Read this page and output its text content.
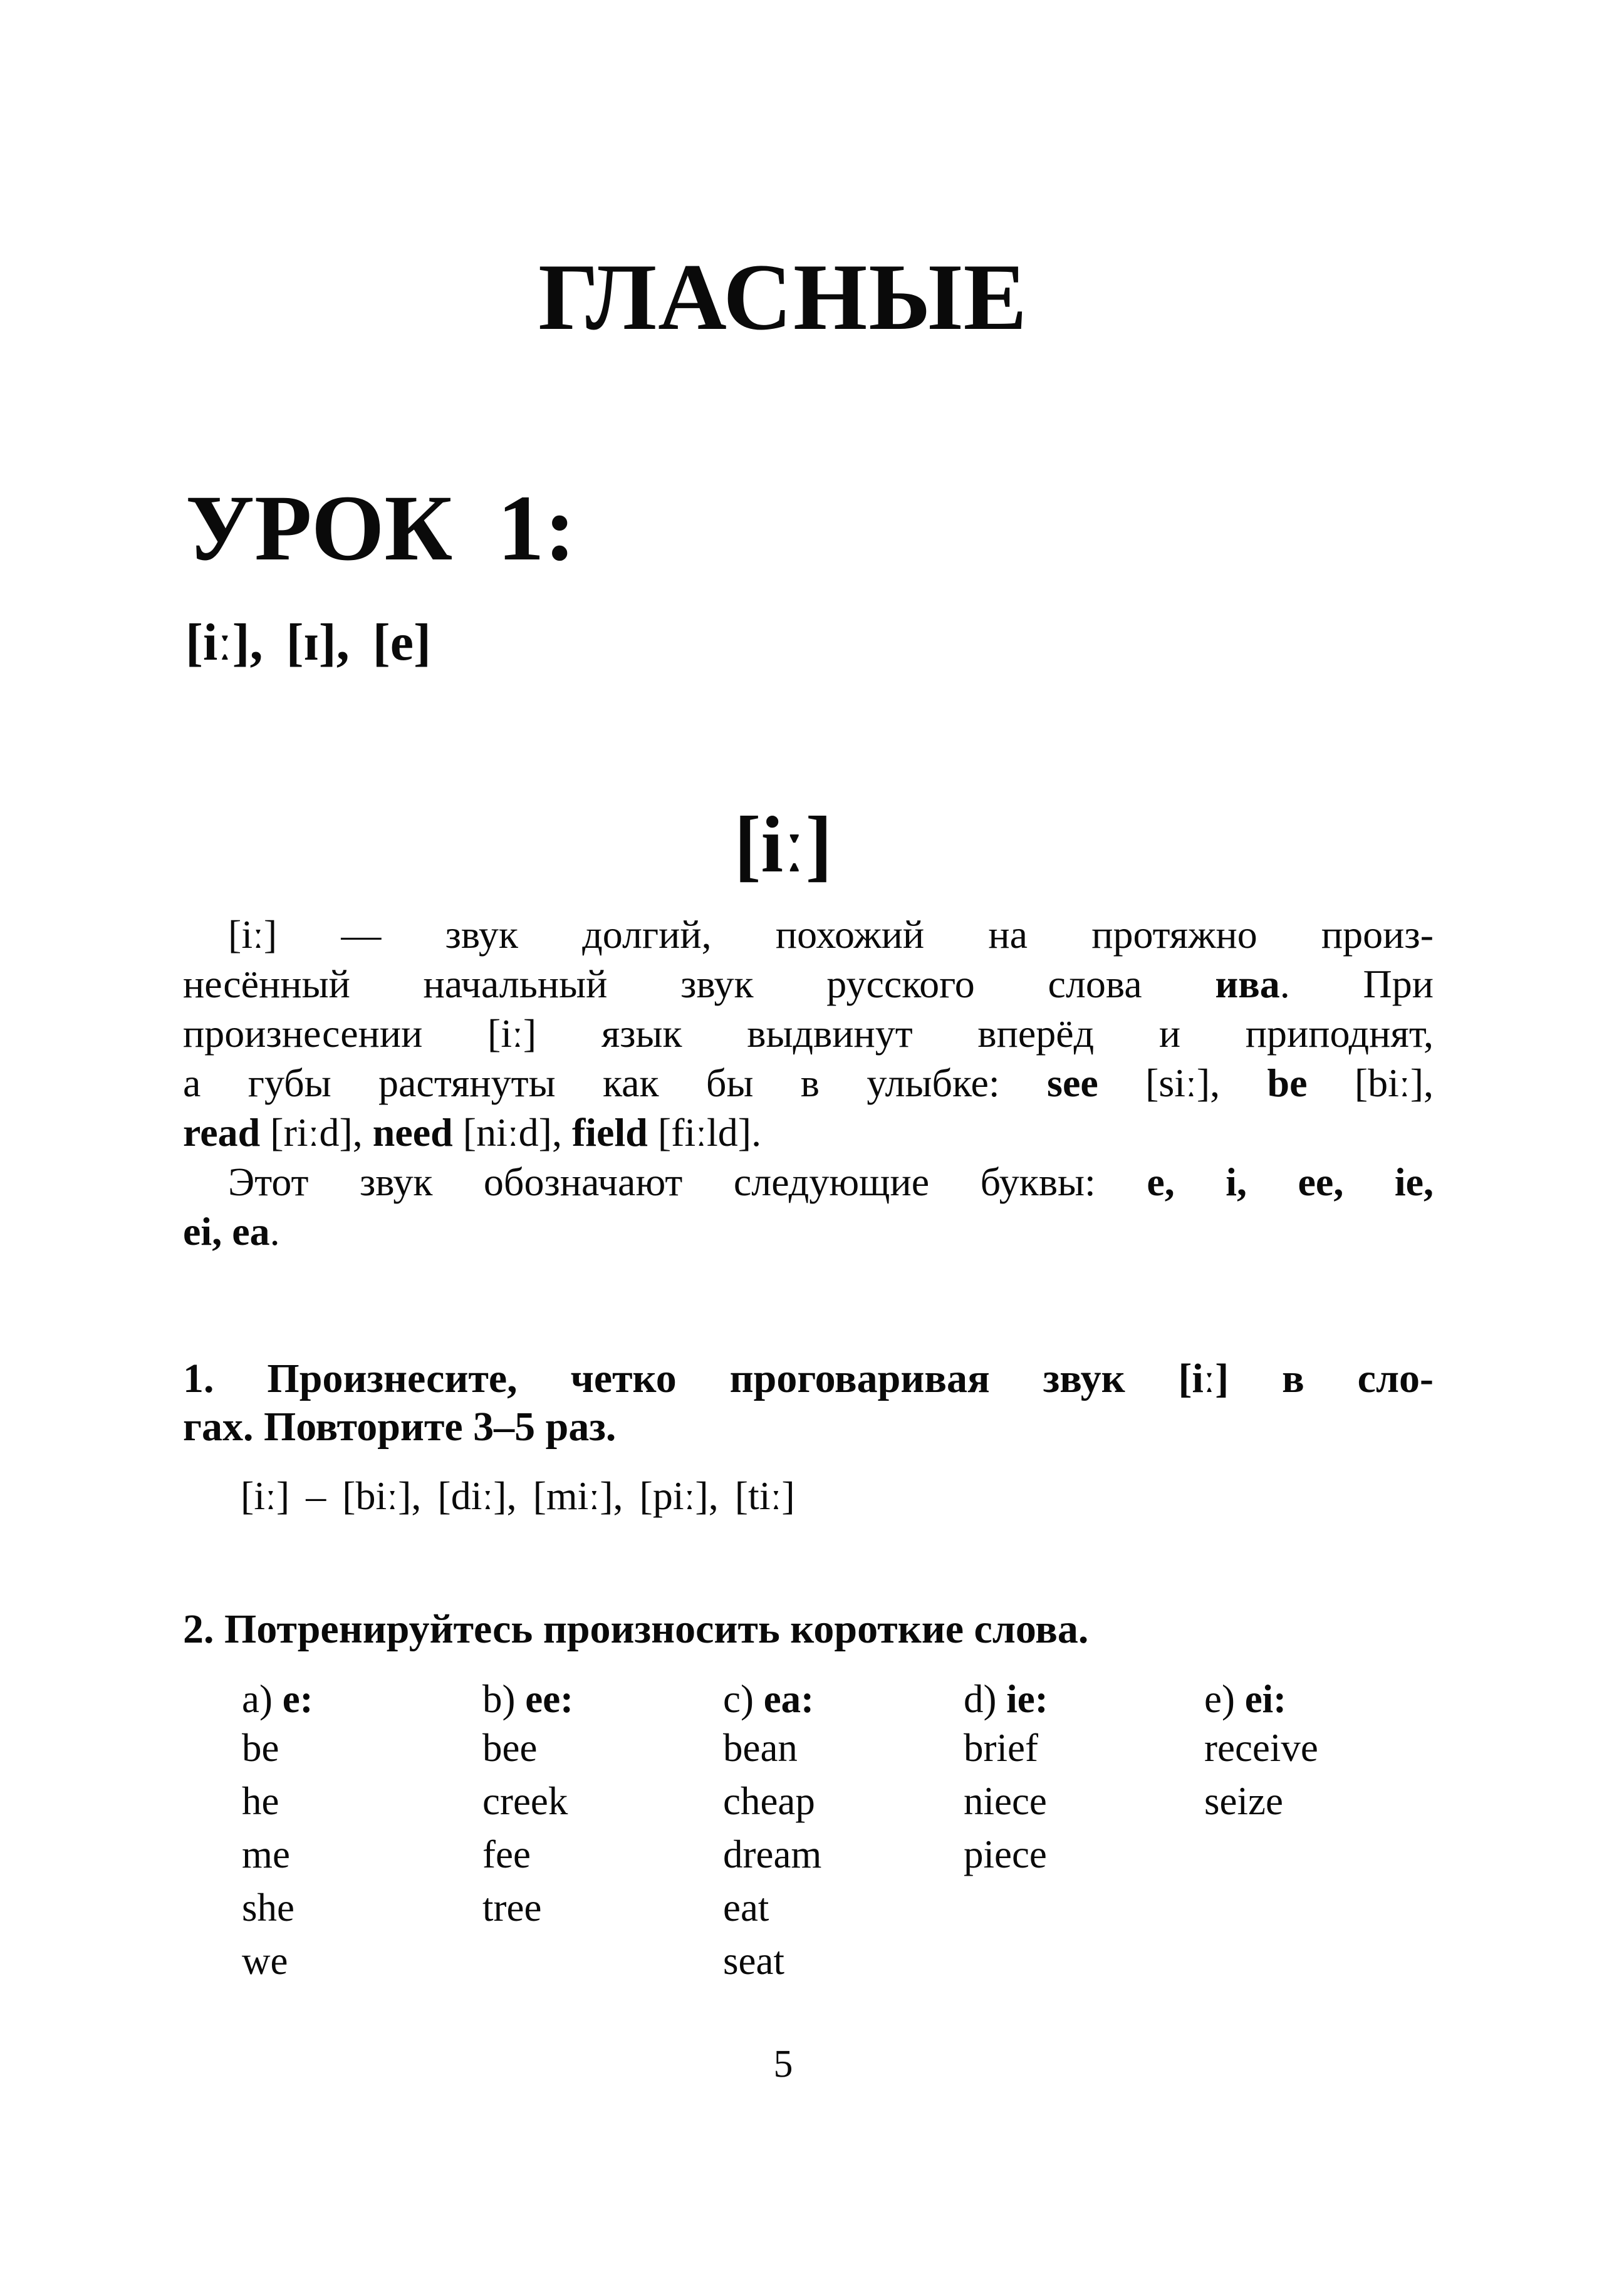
ГЛАСНЫЕ
УРОК 1:
[iː], [ɪ], [e]
[iː]
[iː] — звук долгий, похожий на протяжно произ-
несённый начальный звук русского слова ива. При
произнесении [iː] язык выдвинут вперёд и приподнят,
а губы растянуты как бы в улыбке: see [siː], be [biː],
read [riːd], need [niːd], field [fiːld].
Этот звук обозначают следующие буквы: e, i, ee, ie,
ei, ea.
1. Произнесите, четко проговаривая звук [iː] в сло-
гах. Повторите 3–5 раз.
[iː] – [biː], [diː], [miː], [piː], [tiː]
2. Потренируйтесь произносить короткие слова.
a) e:
be
he
me
she
we
b) ee:
bee
creek
fee
tree
c) ea:
bean
cheap
dream
eat
seat
d) ie:
brief
niece
piece
e) ei:
receive
seize
5
